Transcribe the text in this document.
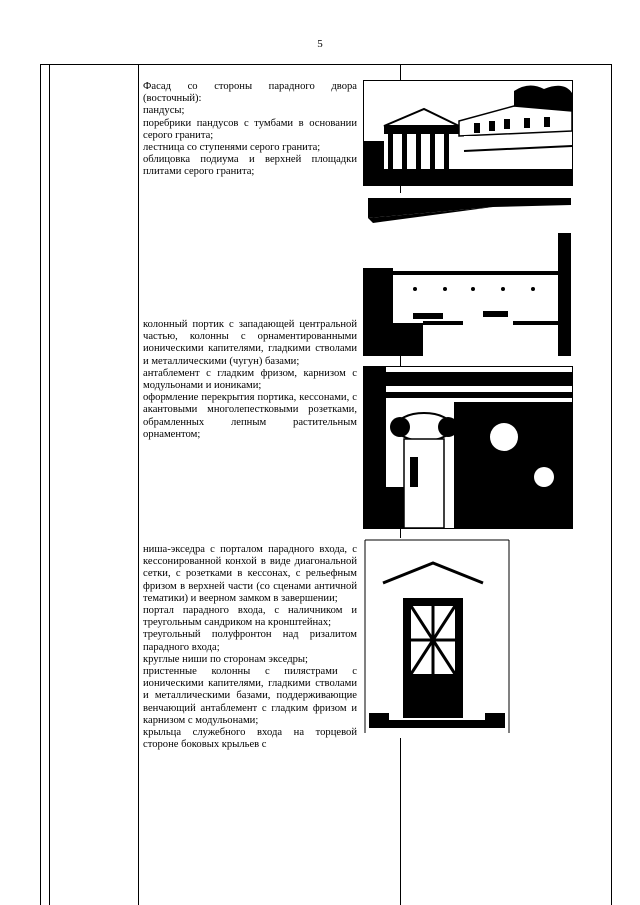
5

Фасад со стороны парадного двора (восточный):

пандусы;

поребрики пандусов с тумбами в основании серого гранита;

лестница со ступенями серого гранита;

облицовка подиума и верхней площадки плитами серого гранита;

колонный портик с западающей центральной частью, колонны с орнаментированными ионическими капителями, гладкими стволами и металлическими (чугун) базами;

антаблемент с гладким фризом, карнизом с модульонами и иониками;

оформление перекрытия портика, кессонами, с акантовыми многолепестковыми розетками, обрамленных лепным растительным орнаментом;

ниша-экседра с порталом парадного входа, с кессонированной конхой в виде диагональной сетки, с розетками в кессонах, с рельефным фризом в верхней части (со сценами античной тематики) и веерном замком в завершении;

портал парадного входа, с наличником и треугольным сандриком на кронштейнах;

треугольный полуфронтон над ризалитом парадного входа;

круглые ниши по сторонам экседры;

пристенные колонны с пилястрами с ионическими капителями, гладкими стволами и металлическими базами, поддерживающие венчающий антаблемент с гладким фризом и карнизом с модульонами;

крыльца служебного входа на торцевой стороне боковых крыльев с
